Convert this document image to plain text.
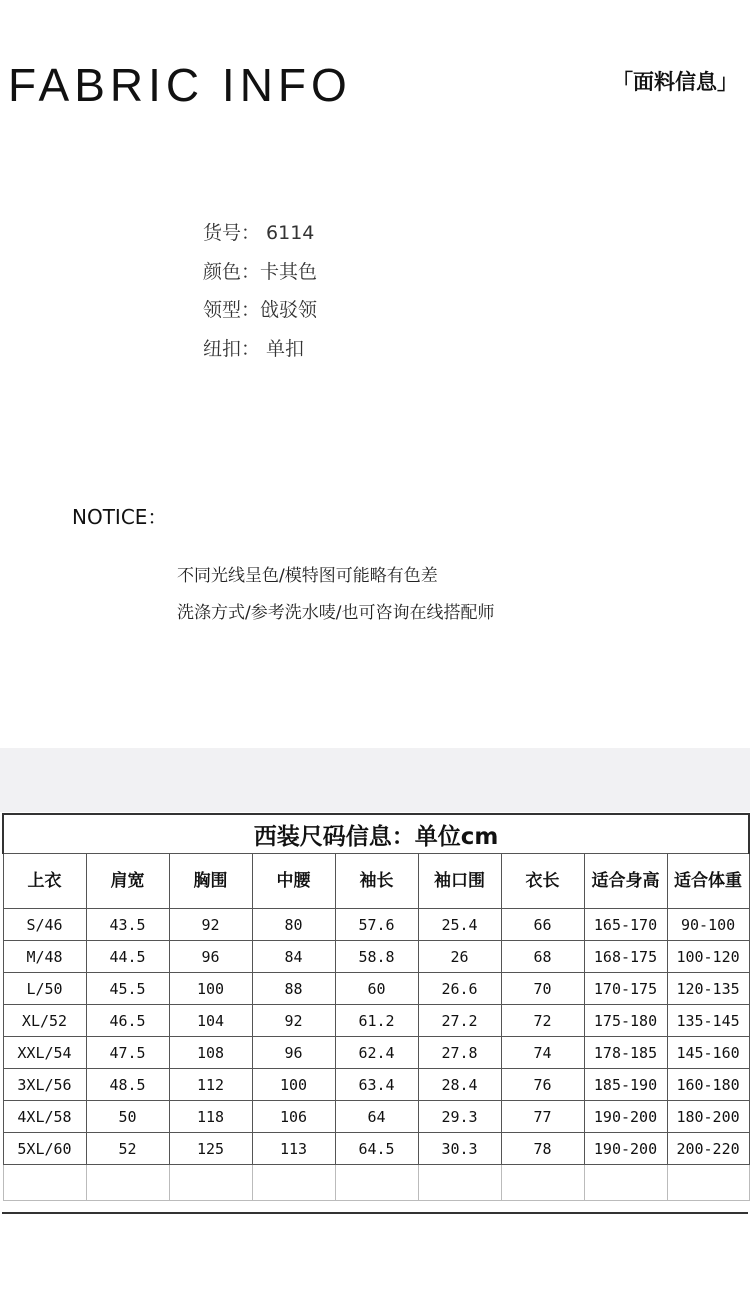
FABRIC INFO	「面料信息」
货号： 6114
颜色：卡其色
领型：戗驳领
纽扣： 单扣
NOTICE：
不同光线呈色/模特图可能略有色差
洗涤方式/参考洗水唛/也可咨询在线搭配师
西装尺码信息：单位cm								
上衣	肩宽	胸围	中腰	袖长	袖口围	衣长	适合身高	适合体重
S/46	43.5	92	80	57.6	25.4	66	165-170	90-100
M/48	44.5	96	84	58.8	26	68	168-175	100-120
L/50	45.5	100	88	60	26.6	70	170-175	120-135
XL/52	46.5	104	92	61.2	27.2	72	175-180	135-145
XXL/54	47.5	108	96	62.4	27.8	74	178-185	145-160
3XL/56	48.5	112	100	63.4	28.4	76	185-190	160-180
4XL/58	50	118	106	64	29.3	77	190-200	180-200
5XL/60	52	125	113	64.5	30.3	78	190-200	200-220
